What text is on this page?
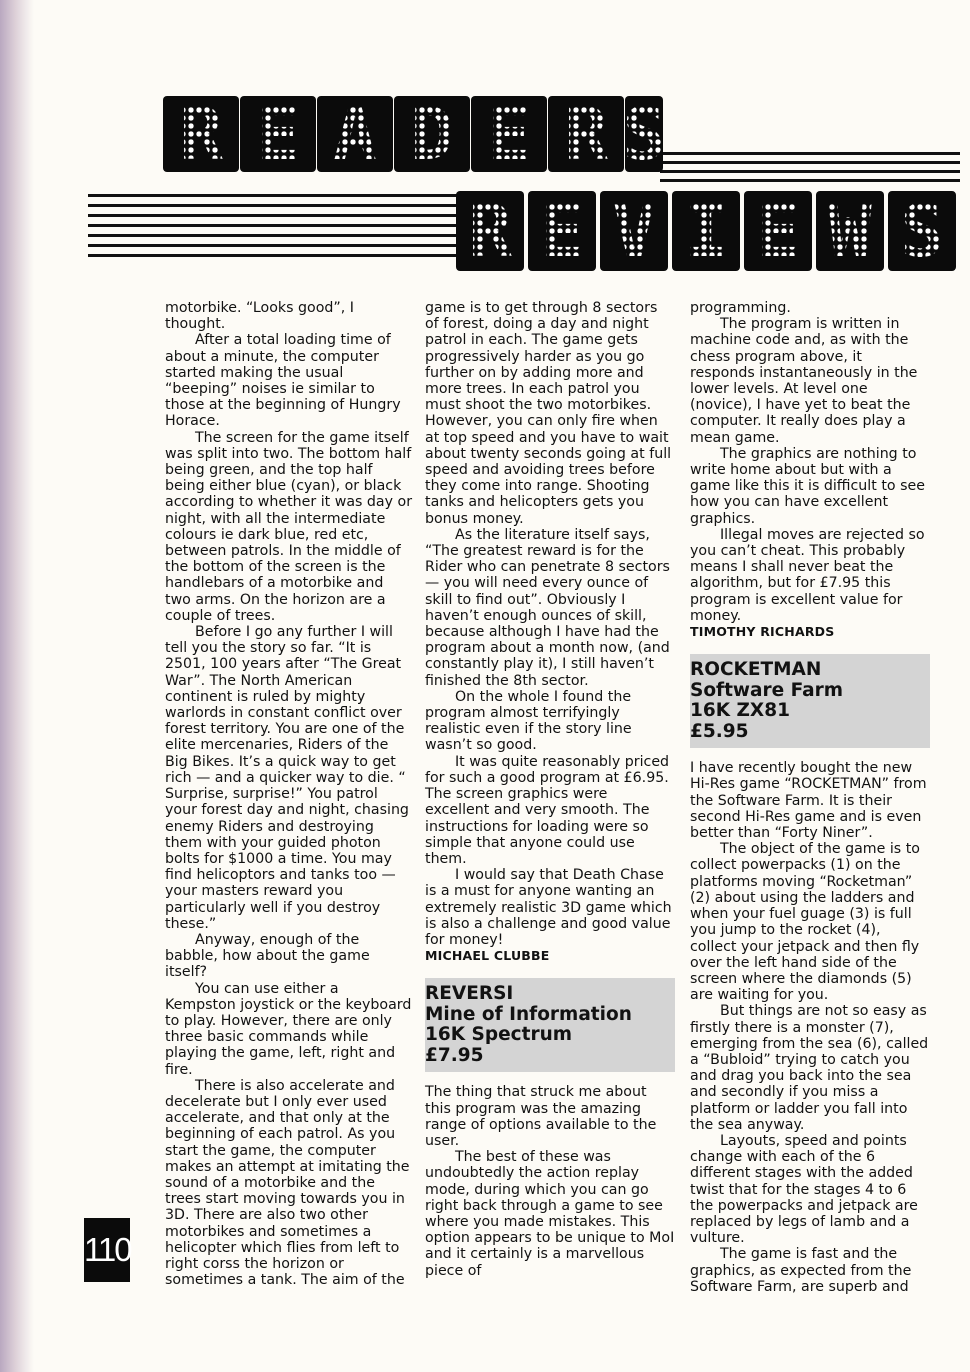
R E A D E R S
R E V I E W S

motorbike. “Looks good”, I thought.

After a total loading time of about a minute, the computer started making the usual “beeping” noises ie similar to those at the beginning of Hungry Horace.

The screen for the game itself was split into two. The bottom half being green, and the top half being either blue (cyan), or black according to whether it was day or night, with all the intermediate colours ie dark blue, red etc, between patrols. In the middle of the bottom of the screen is the handlebars of a motorbike and two arms. On the horizon are a couple of trees.

Before I go any further I will tell you the story so far. “It is 2501, 100 years after “The Great War”. The North American continent is ruled by mighty warlords in constant conflict over forest territory. You are one of the elite mercenaries, Riders of the Big Bikes. It’s a quick way to get rich — and a quicker way to die. “ Surprise, surprise!” You patrol your forest day and night, chasing enemy Riders and destroying them with your guided photon bolts for $1000 a time. You may find helicoptors and tanks too — your masters reward you particularly well if you destroy these.”

Anyway, enough of the babble, how about the game itself?

You can use either a Kempston joystick or the keyboard to play. However, there are only three basic commands while playing the game, left, right and fire.

There is also accelerate and decelerate but I only ever used accelerate, and that only at the beginning of each patrol. As you start the game, the computer makes an attempt at imitating the sound of a motorbike and the trees start moving towards you in 3D. There are also two other motorbikes and sometimes a helicopter which flies from left to right corss the horizon or sometimes a tank. The aim of the

game is to get through 8 sectors of forest, doing a day and night patrol in each. The game gets progressively harder as you go further on by adding more and more trees. In each patrol you must shoot the two motorbikes. However, you can only fire when at top speed and you have to wait about twenty seconds going at full speed and avoiding trees before they come into range. Shooting tanks and helicopters gets you bonus money.

As the literature itself says, “The greatest reward is for the Rider who can penetrate 8 sectors — you will need every ounce of skill to find out”. Obviously I haven’t enough ounces of skill, because although I have had the program about a month now, (and constantly play it), I still haven’t finished the 8th sector.

On the whole I found the program almost terrifyingly realistic even if the story line wasn’t so good.

It was quite reasonably priced for such a good program at £6.95. The screen graphics were excellent and very smooth. The instructions for loading were so simple that anyone could use them.

I would say that Death Chase is a must for anyone wanting an extremely realistic 3D game which is also a challenge and good value for money!

MICHAEL CLUBBE

REVERSI
Mine of Information
16K Spectrum
£7.95

The thing that struck me about this program was the amazing range of options available to the user.

The best of these was undoubtedly the action replay mode, during which you can go right back through a game to see where you made mistakes. This option appears to be unique to MoI and it certainly is a marvellous piece of

programming.

The program is written in machine code and, as with the chess program above, it responds instantaneously in the lower levels. At level one (novice), I have yet to beat the computer. It really does play a mean game.

The graphics are nothing to write home about but with a game like this it is difficult to see how you can have excellent graphics.

Illegal moves are rejected so you can’t cheat. This probably means I shall never beat the algorithm, but for £7.95 this program is excellent value for money.

TIMOTHY RICHARDS

ROCKETMAN
Software Farm
16K ZX81
£5.95

I have recently bought the new Hi-Res game “ROCKETMAN” from the Software Farm. It is their second Hi-Res game and is even better than “Forty Niner”.

The object of the game is to collect powerpacks (1) on the platforms moving “Rocketman” (2) about using the ladders and when your fuel guage (3) is full you jump to the rocket (4), collect your jetpack and then fly over the left hand side of the screen where the diamonds (5) are waiting for you.

But things are not so easy as firstly there is a monster (7), emerging from the sea (6), called a “Bubloid” trying to catch you and drag you back into the sea and secondly if you miss a platform or ladder you fall into the sea anyway.

Layouts, speed and points change with each of the 6 different stages with the added twist that for the stages 4 to 6 the powerpacks and jetpack are replaced by legs of lamb and a vulture.

The game is fast and the graphics, as expected from the Software Farm, are superb and

110
